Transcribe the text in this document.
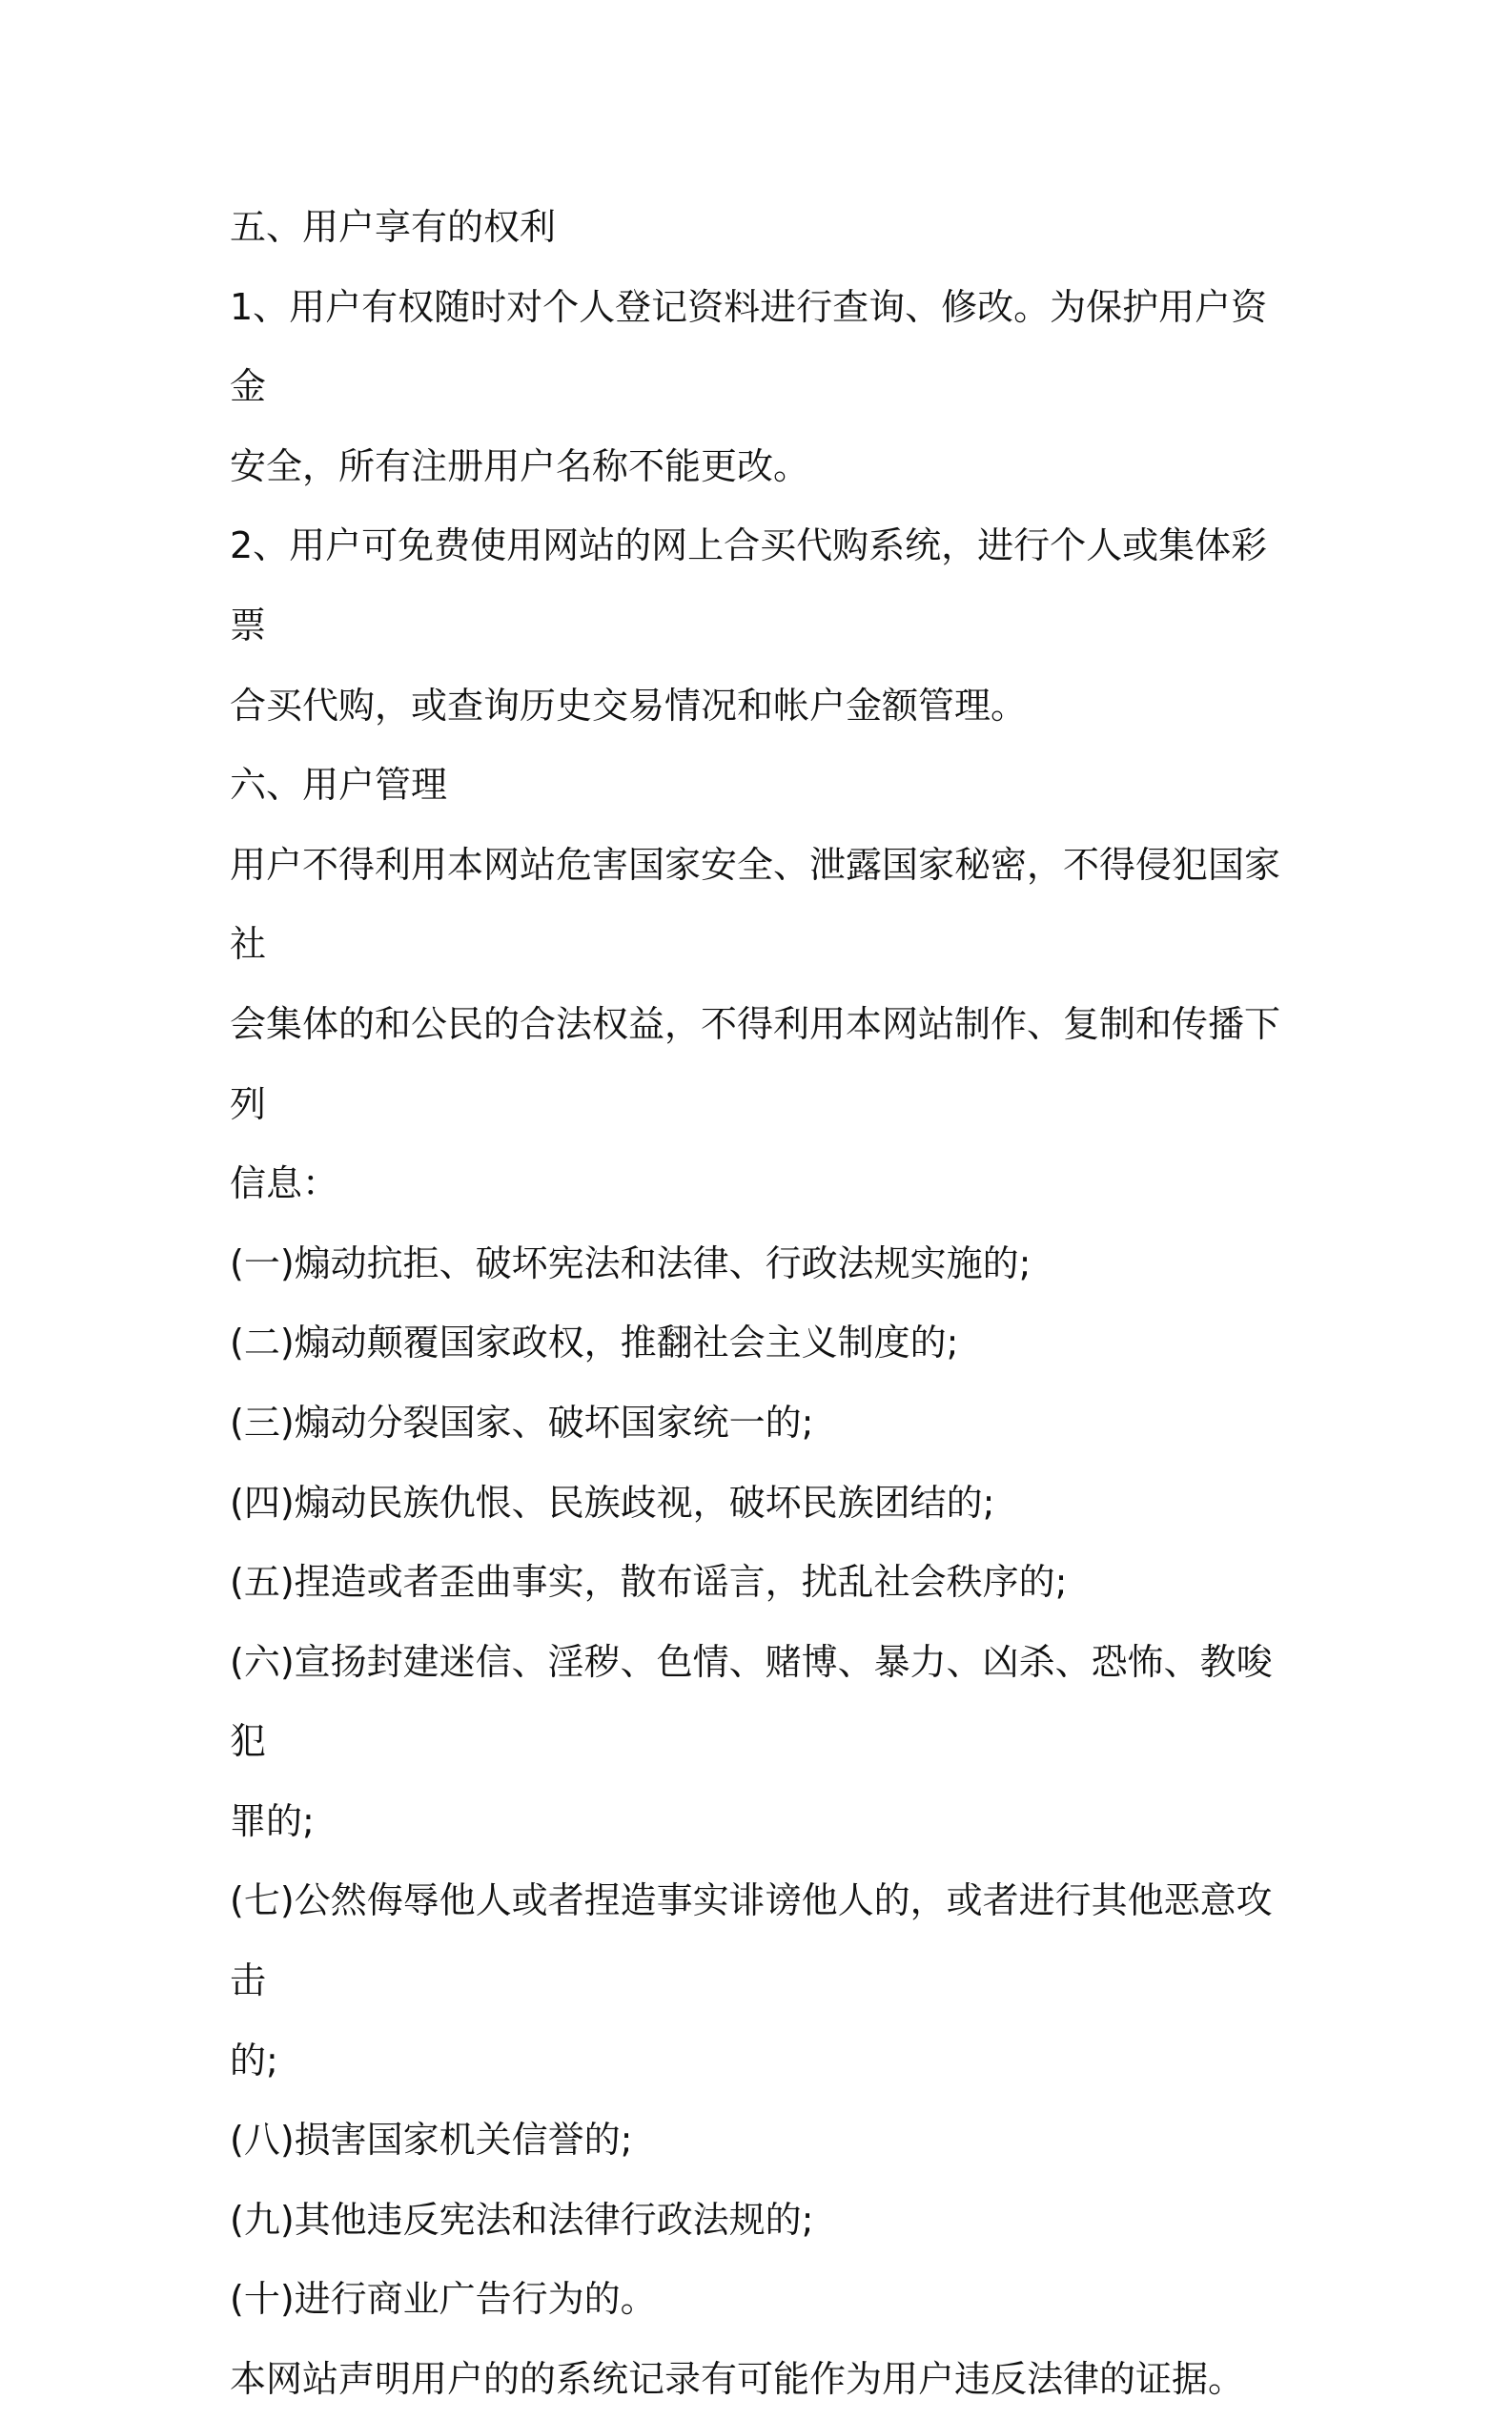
五、用户享有的权利

1、用户有权随时对个人登记资料进行查询、修改。为保护用户资金
安全，所有注册用户名称不能更改。

2、用户可免费使用网站的网上合买代购系统，进行个人或集体彩票
合买代购，或查询历史交易情况和帐户金额管理。

六、用户管理

用户不得利用本网站危害国家安全、泄露国家秘密，不得侵犯国家社
会集体的和公民的合法权益，不得利用本网站制作、复制和传播下列
信息：

(一)煽动抗拒、破坏宪法和法律、行政法规实施的;

(二)煽动颠覆国家政权，推翻社会主义制度的;

(三)煽动分裂国家、破坏国家统一的;

(四)煽动民族仇恨、民族歧视，破坏民族团结的;

(五)捏造或者歪曲事实，散布谣言，扰乱社会秩序的;

(六)宣扬封建迷信、淫秽、色情、赌博、暴力、凶杀、恐怖、教唆犯
罪的;

(七)公然侮辱他人或者捏造事实诽谤他人的，或者进行其他恶意攻击
的;

(八)损害国家机关信誉的;

(九)其他违反宪法和法律行政法规的;

(十)进行商业广告行为的。

本网站声明用户的的系统记录有可能作为用户违反法律的证据。
